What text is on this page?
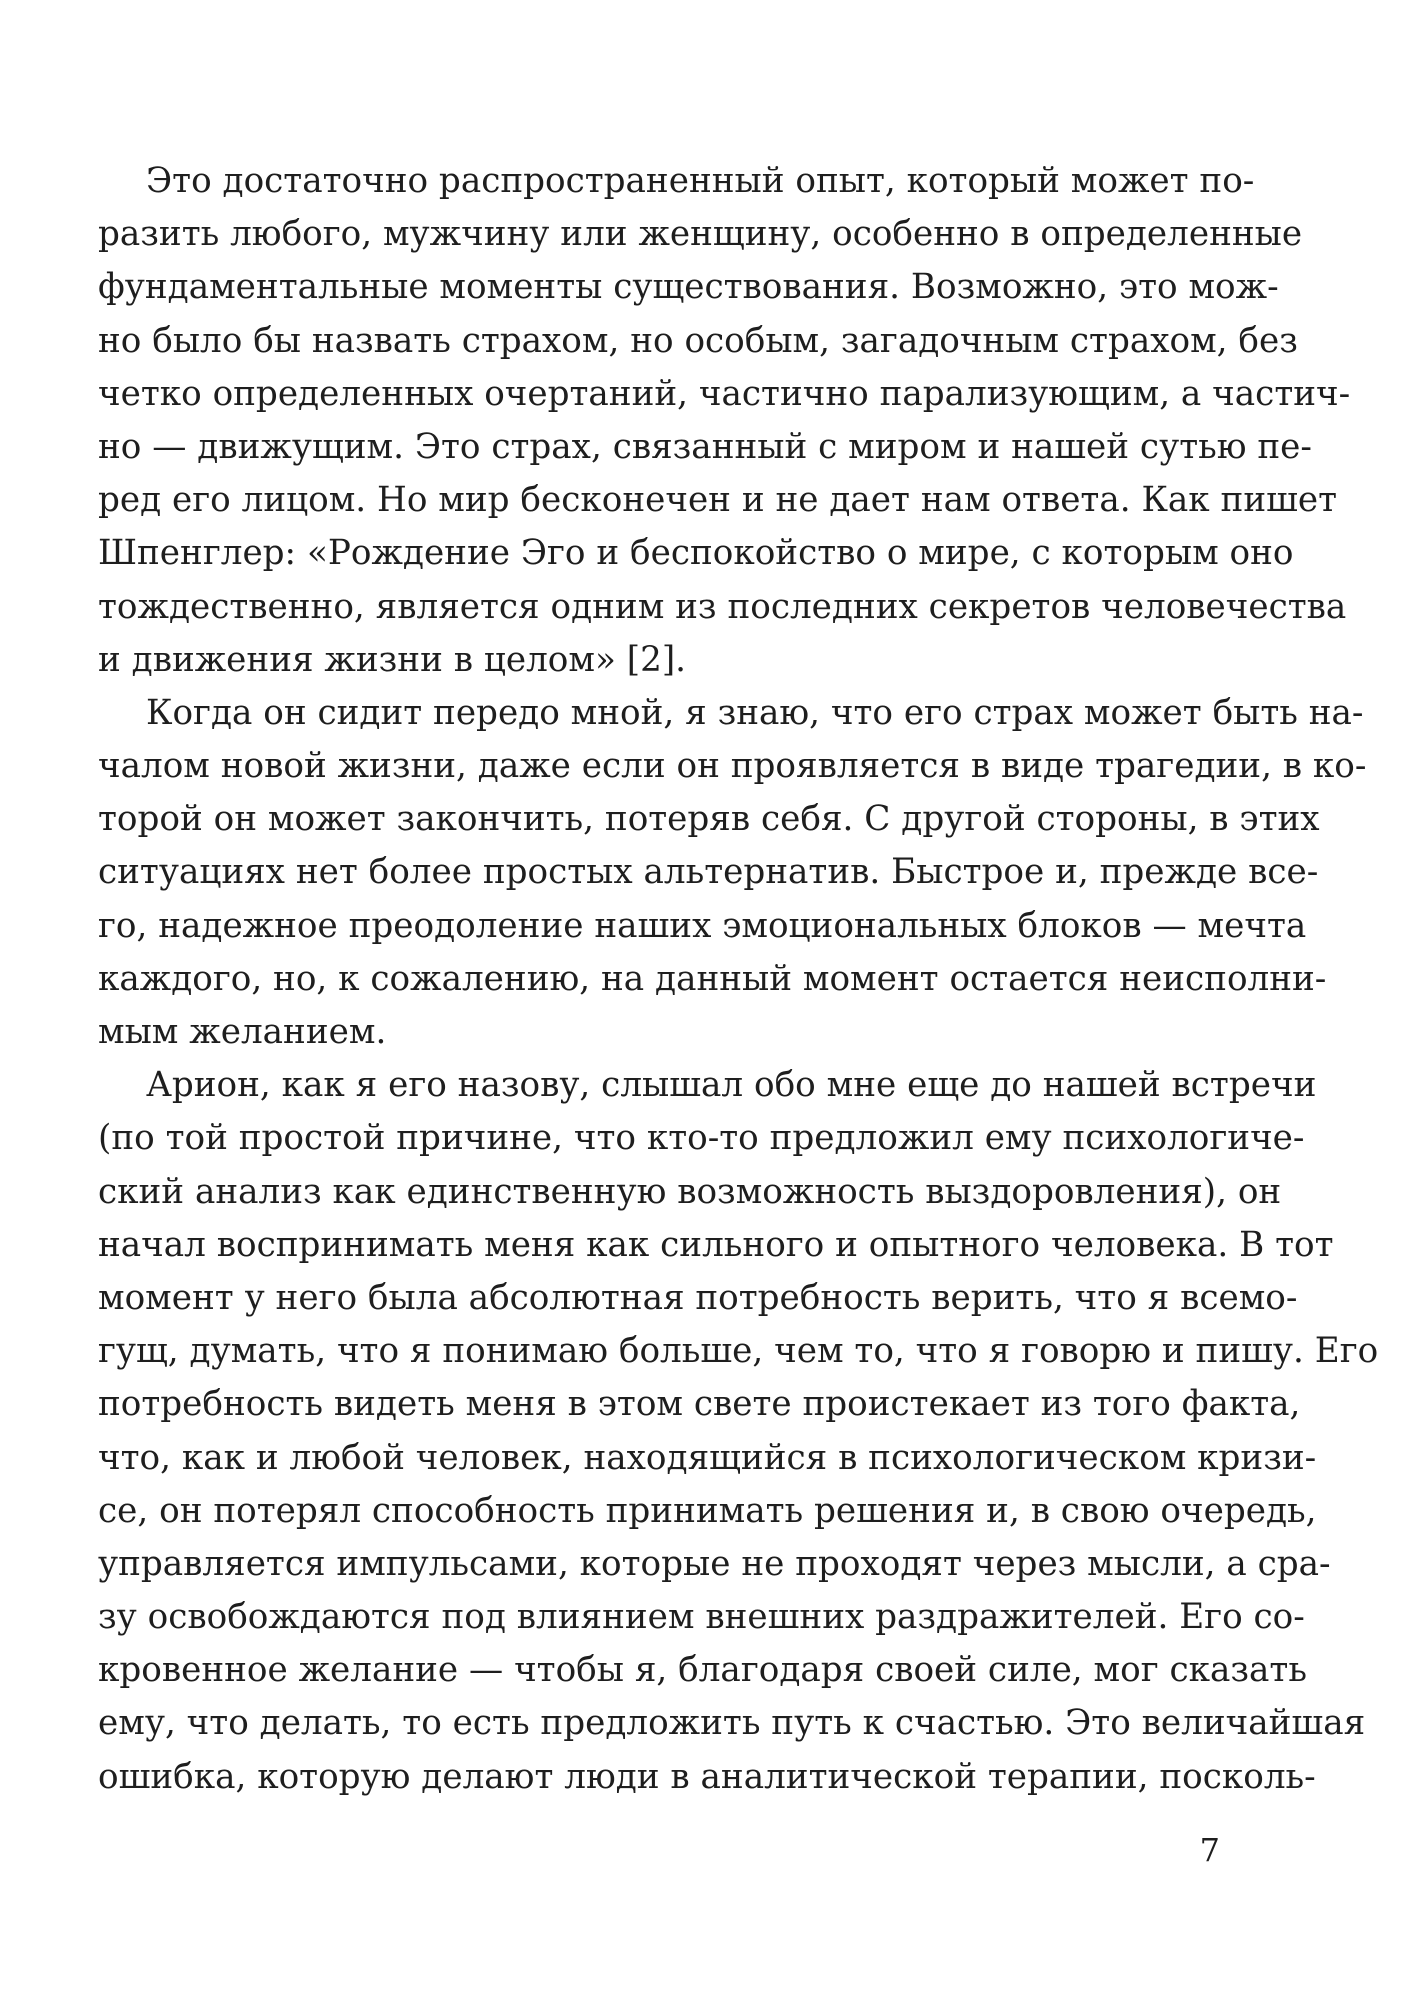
Это достаточно распространенный опыт, который может по-
разить любого, мужчину или женщину, особенно в определенные
фундаментальные моменты существования. Возможно, это мож-
но было бы назвать страхом, но особым, загадочным страхом, без
четко определенных очертаний, частично парализующим, а частич-
но — движущим. Это страх, связанный с миром и нашей сутью пе-
ред его лицом. Но мир бесконечен и не дает нам ответа. Как пишет
Шпенглер: «Рождение Эго и беспокойство о мире, с которым оно
тождественно, является одним из последних секретов человечества
и движения жизни в целом» [2].
Когда он сидит передо мной, я знаю, что его страх может быть на-
чалом новой жизни, даже если он проявляется в виде трагедии, в ко-
торой он может закончить, потеряв себя. С другой стороны, в этих
ситуациях нет более простых альтернатив. Быстрое и, прежде все-
го, надежное преодоление наших эмоциональных блоков — мечта
каждого, но, к сожалению, на данный момент остается неисполни-
мым желанием.
Арион, как я его назову, слышал обо мне еще до нашей встречи
(по той простой причине, что кто-то предложил ему психологиче-
ский анализ как единственную возможность выздоровления), он
начал воспринимать меня как сильного и опытного человека. В тот
момент у него была абсолютная потребность верить, что я всемо-
гущ, думать, что я понимаю больше, чем то, что я говорю и пишу. Его
потребность видеть меня в этом свете проистекает из того факта,
что, как и любой человек, находящийся в психологическом кризи-
се, он потерял способность принимать решения и, в свою очередь,
управляется импульсами, которые не проходят через мысли, а сра-
зу освобождаются под влиянием внешних раздражителей. Его со-
кровенное желание — чтобы я, благодаря своей силе, мог сказать
ему, что делать, то есть предложить путь к счастью. Это величайшая
ошибка, которую делают люди в аналитической терапии, посколь-
7
